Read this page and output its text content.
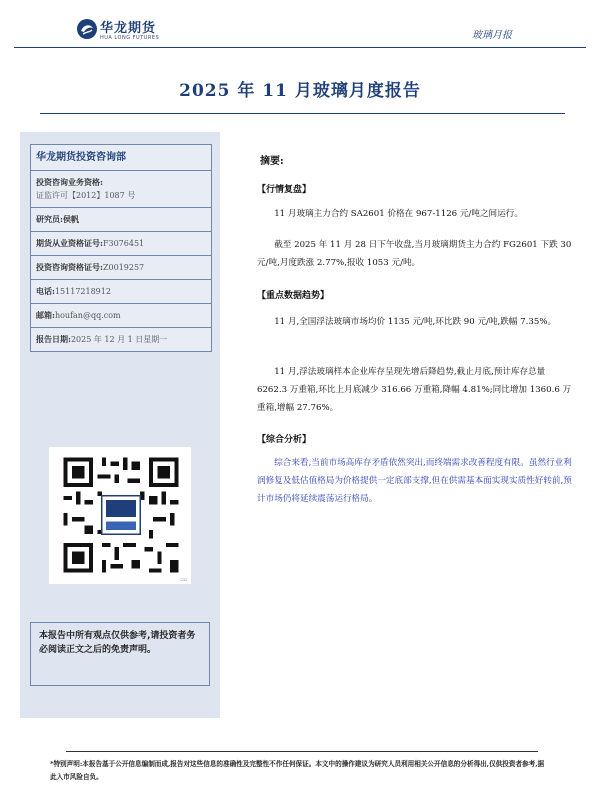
华龙期货
HUA LONG FUTURES	玻璃月报
2025 年 11 月玻璃月度报告
华龙期货投资咨询部
投资咨询业务资格:
证监许可【2012】1087 号
研究员:侯帆
期货从业资格证号:F3076451
投资咨询资格证号:Z0019257
电话:15117218912
邮箱:houfan@qq.com
报告日期:2025 年 12 月 1 日星期一
▫▫
本报告中所有观点仅供参考,请投资者务必阅读正文之后的免责声明。
摘要:
【行情复盘】
11 月玻璃主力合约 SA2601 价格在 967-1126 元/吨之间运行。
截至 2025 年 11 月 28 日下午收盘,当月玻璃期货主力合约 FG2601 下跌 30 元/吨,月度跌涨 2.77%,报收 1053 元/吨。
【重点数据趋势】
11 月,全国浮法玻璃市场均价 1135 元/吨,环比跌 90 元/吨,跌幅 7.35%。
11 月,浮法玻璃样本企业库存呈现先增后降趋势,截止月底,预计库存总量 6262.3 万重箱,环比上月底减少 316.66 万重箱,降幅 4.81%;同比增加 1360.6 万重箱,增幅 27.76%。
【综合分析】
综合来看,当前市场高库存矛盾依然突出,而终端需求改善程度有限。虽然行业利润修复及低估值格局为价格提供一定底部支撑,但在供需基本面实现实质性好转前,预计市场仍将延续震荡运行格局。
*特别声明:本报告基于公开信息编制而成,报告对这些信息的准确性及完整性不作任何保证。本文中的操作建议为研究人员利用相关公开信息的分析得出,仅供投资者参考,据此入市风险自负。
